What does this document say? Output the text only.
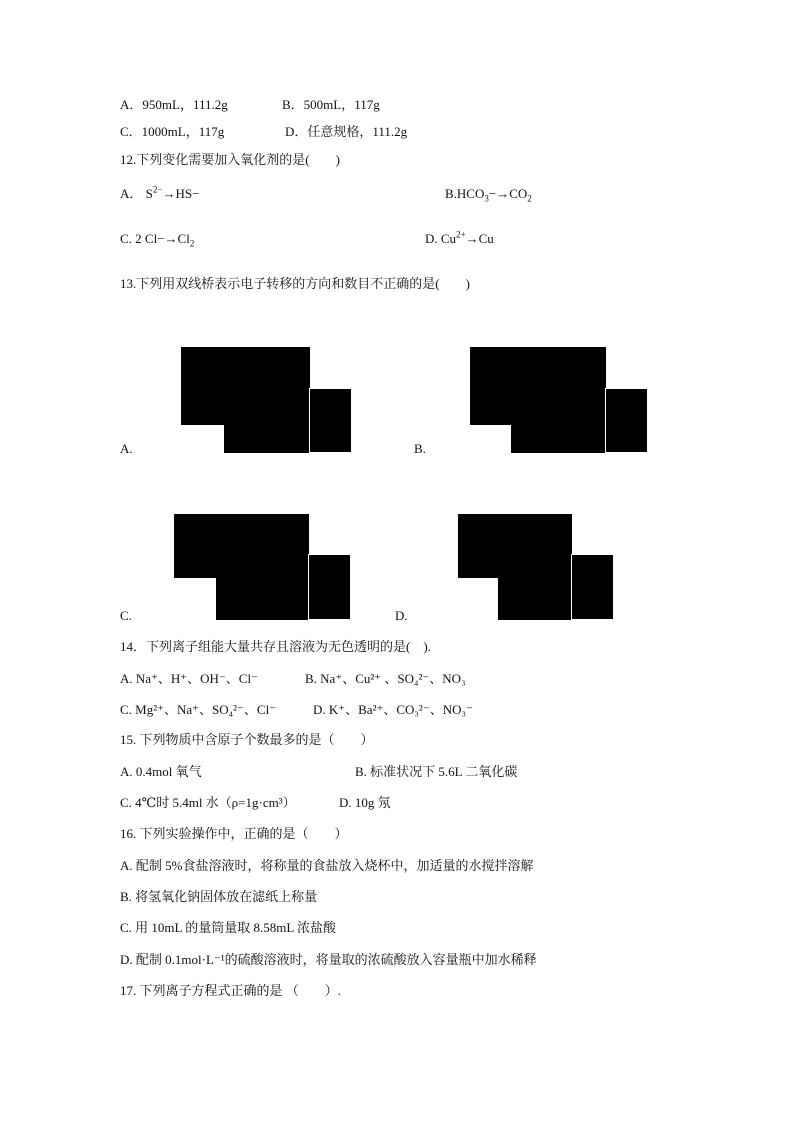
A．950mL，111.2g	B．500mL，117g
C．1000mL，117g	D．任意规格，111.2g
12.下列变化需要加入氧化剂的是(　　)
A． $S^{2-}\to HS-$	$B.HCO_3-\to CO_2$
C. 2 $Cl-\to Cl_2$	D. $Cu^{2+}\to Cu$
13.下列用双线桥表示电子转移的方向和数目不正确的是(　　)
A.	B.
C.	D.
14．下列离子组能大量共存且溶液为无色透明的是(　).
A. Na⁺、H⁺、OH⁻、Cl⁻	B. Na⁺、Cu²⁺ 、SO₄²⁻、NO₃
C. Mg²⁺、Na⁺、SO₄²⁻、Cl⁻	D. K⁺、Ba²⁺、CO₃²⁻、NO₃⁻
15. 下列物质中含原子个数最多的是（　　）
A. 0.4mol 氧气	B. 标准状况下 5.6L 二氧化碳
C. 4℃时 5.4ml 水（ρ=1g·cm³）	D. 10g 氖
16. 下列实验操作中，正确的是（　　）
A. 配制 5%食盐溶液时，将称量的食盐放入烧杯中，加适量的水搅拌溶解
B. 将氢氧化钠固体放在滤纸上称量
C. 用 10mL 的量筒量取 8.58mL 浓盐酸
D. 配制 0.1mol·L⁻¹的硫酸溶液时，将量取的浓硫酸放入容量瓶中加水稀释
17. 下列离子方程式正确的是 （　　）.
